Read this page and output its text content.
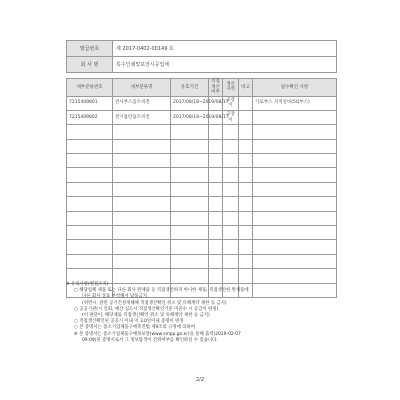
발급번호	제 2017-0402-00149 호
회 사 명	특수인쇄및포장시공업체
세부분류번호	세부분류명	유효기간	직접생산 여부	생산 지역	비고	필수확인 사항
7215409801	전사부스옵트비전	2017/08/18~2019/08/17		공장이		가로부스 지적설비(5Q부스)
7215409802	전시흡탄옵트비전	2017/08/18~2019/08/17		공장이		

※ 유의사항(별첨조치)
○ 해당업체 제품 또는 다른 회사 완제품 등 직접생산하지 아니한 제품, 직접생산한 완제품에
다른 회사 상표 부착해서 납품금지
(위반시, 관련 공기건설계해체 직접생산확인 취소 및 유해계약 제한 등 금지)
○ 공공기관(시 일회, 예산 십소시 직접생산확인기준 미준수 시 공급이 판정)
(이 판단이, 해당제품 직접생산확인 취소 및 유해계약 제한 등 금지)
○ 직접생산확인된 공공기 이내 이 3.0일이내 증명이 변경
○ 본 증명서는 중소기업제품구매촉진법 제9조의 규정에 의하여
※ 본 증명서는 중소기업제품구매정보망(www.smpp.go.kr)을 통해 출력(2019-02-07
09:09)된 증명서로서 그 정보탐색이 진위여부를 확인하실 수 있습니다.
2/2
